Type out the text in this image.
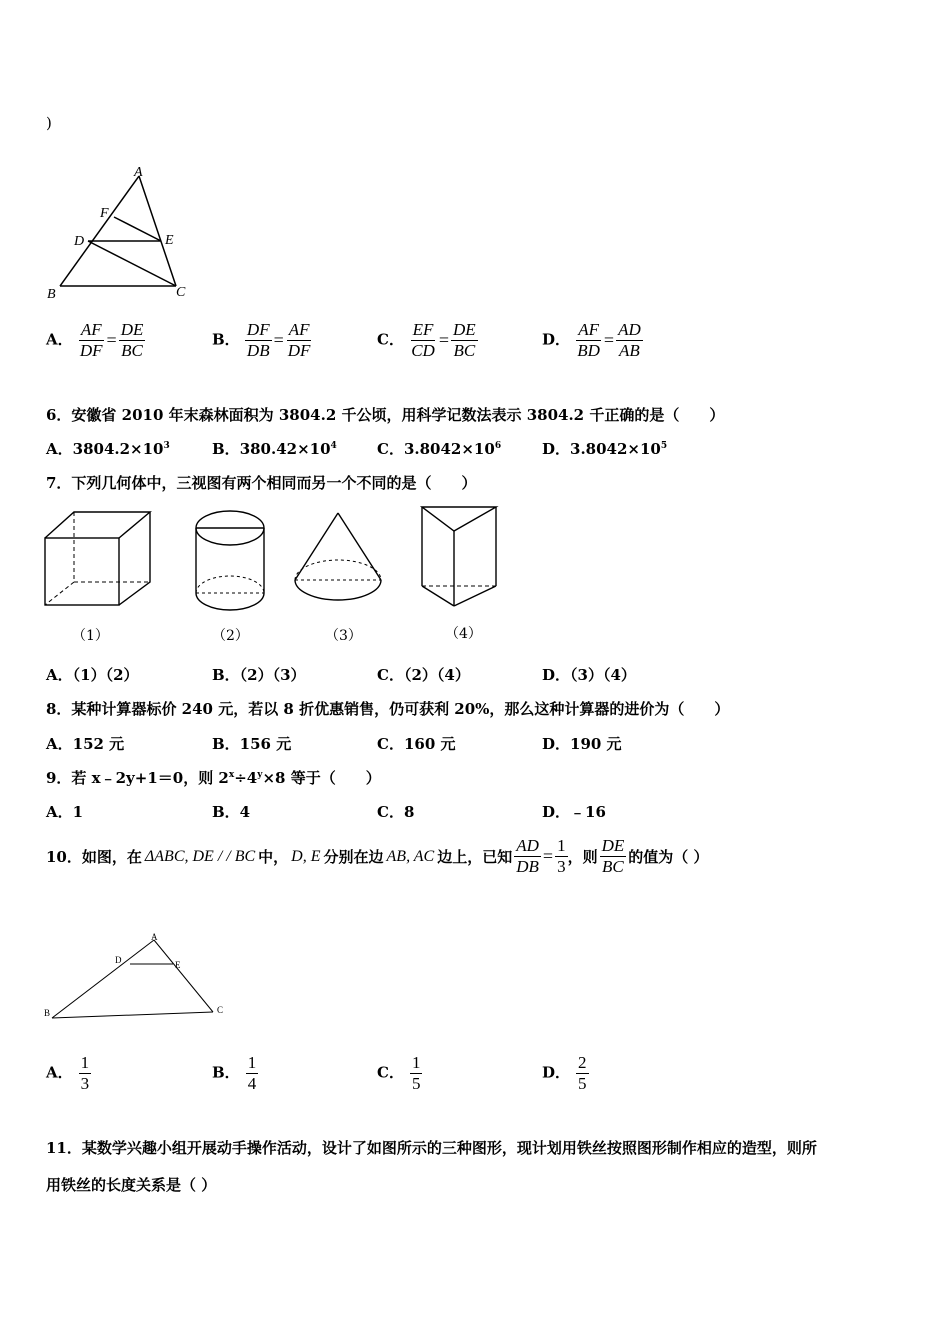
)
A
F
D	E
B	C
A． $\frac{AF}{DF} = \frac{DE}{BC}$	B． $\frac{DF}{DB} = \frac{AF}{DF}$	C． $\frac{EF}{CD} = \frac{DE}{BC}$	D． $\frac{AF}{BD} = \frac{AD}{AB}$
6．安徽省 2010 年末森林面积为 3804.2 千公顷，用科学记数法表示 3804.2 千正确的是（　　）
A．$3804.2\times 10^3$	B．$380.42\times 10^4$	C．$3.8042\times 10^6$	D．$3.8042\times 10^5$
7．下列几何体中，三视图有两个相同而另一个不同的是（　　）
（1）	（2）	（3）	（4）
A．（1）（2）	B．（2）（3）	C．（2）（4）	D．（3）（4）
8．某种计算器标价 240 元，若以 8 折优惠销售，仍可获利 20%，那么这种计算器的进价为（　　）
A．152 元	B．156 元	C．160 元	D．190 元
9．若 x﹣2y+1＝0，则 $2^x\div 4^y\times 8$ 等于（　　）
A．1	B．4	C．8	D．﹣16
10．如图，在 ΔABC, DE / / BC 中， D, E 分别在边 AB, AC 边上，已知 $\frac{AD}{DB} = \frac{1}{3}$ ，则 $\frac{DE}{BC}$ 的值为（ ）
A
D	E
B	C
A． $\frac{1}{3}$	B． $\frac{1}{4}$	C． $\frac{1}{5}$	D． $\frac{2}{5}$
11．某数学兴趣小组开展动手操作活动，设计了如图所示的三种图形，现计划用铁丝按照图形制作相应的造型，则所
用铁丝的长度关系是（ ）
